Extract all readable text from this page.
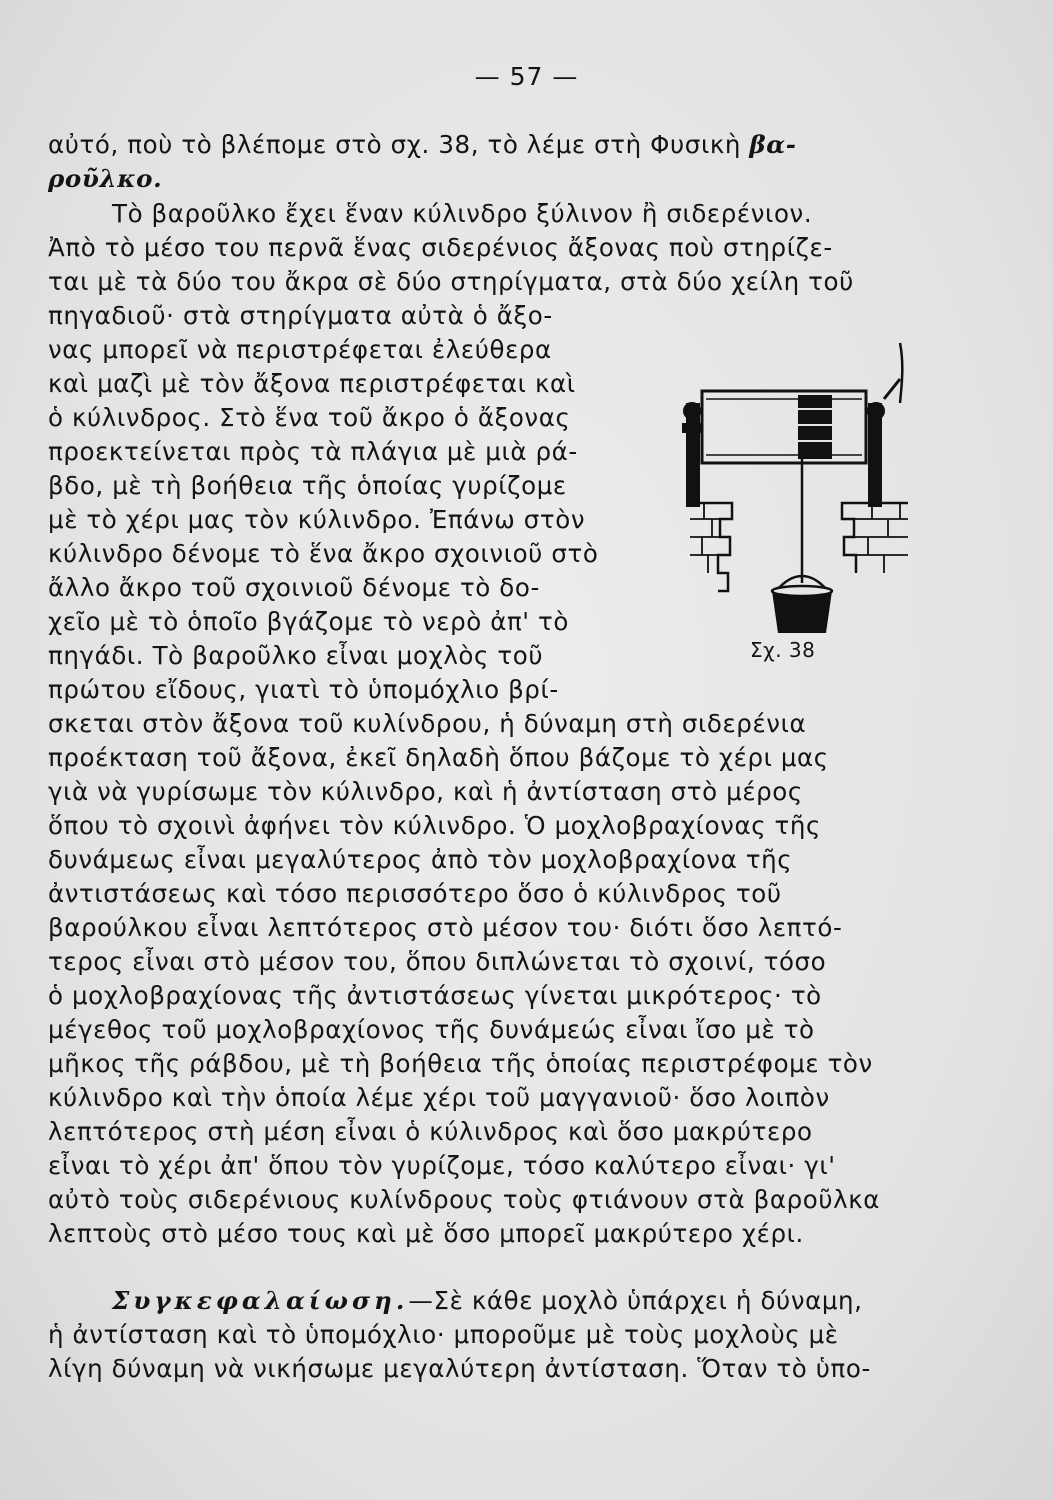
— 57 —
αὐτό, ποὺ τὸ βλέπομε στὸ σχ. 38, τὸ λέμε στὴ Φυσικὴ βα-
ροῦλκο.
Τὸ βαροῦλκο ἔχει ἕναν κύλινδρο ξύλινον ἢ σιδερένιον.
Ἀπὸ τὸ μέσο του περνᾶ ἕνας σιδερένιος ἄξονας ποὺ στηρίζε-
ται μὲ τὰ δύο του ἄκρα σὲ δύο στηρίγματα, στὰ δύο χείλη τοῦ
πηγαδιοῦ· στὰ στηρίγματα αὐτὰ ὁ ἄξο-
νας μπορεῖ νὰ περιστρέφεται ἐλεύθερα
καὶ μαζὶ μὲ τὸν ἄξονα περιστρέφεται καὶ
ὁ κύλινδρος. Στὸ ἕνα τοῦ ἄκρο ὁ ἄξονας
προεκτείνεται πρὸς τὰ πλάγια μὲ μιὰ ρά-
βδο, μὲ τὴ βοήθεια τῆς ὁποίας γυρίζομε
μὲ τὸ χέρι μας τὸν κύλινδρο. Ἐπάνω στὸν
κύλινδρο δένομε τὸ ἕνα ἄκρο σχοινιοῦ στὸ
ἄλλο ἄκρο τοῦ σχοινιοῦ δένομε τὸ δο-
χεῖο μὲ τὸ ὁποῖο βγάζομε τὸ νερὸ ἀπ' τὸ
πηγάδι. Τὸ βαροῦλκο εἶναι μοχλὸς τοῦ
πρώτου εἴδους, γιατὶ τὸ ὑπομόχλιο βρί-
σκεται στὸν ἄξονα τοῦ κυλίνδρου, ἡ δύναμη στὴ σιδερένια
προέκταση τοῦ ἄξονα, ἐκεῖ δηλαδὴ ὅπου βάζομε τὸ χέρι μας
γιὰ νὰ γυρίσωμε τὸν κύλινδρο, καὶ ἡ ἀντίσταση στὸ μέρος
ὅπου τὸ σχοινὶ ἀφήνει τὸν κύλινδρο. Ὁ μοχλοβραχίονας τῆς
δυνάμεως εἶναι μεγαλύτερος ἀπὸ τὸν μοχλοβραχίονα τῆς
ἀντιστάσεως καὶ τόσο περισσότερο ὅσο ὁ κύλινδρος τοῦ
βαρούλκου εἶναι λεπτότερος στὸ μέσον του· διότι ὅσο λεπτό-
τερος εἶναι στὸ μέσον του, ὅπου διπλώνεται τὸ σχοινί, τόσο
ὁ μοχλοβραχίονας τῆς ἀντιστάσεως γίνεται μικρότερος· τὸ
μέγεθος τοῦ μοχλοβραχίονος τῆς δυνάμεώς εἶναι ἴσο μὲ τὸ
μῆκος τῆς ράβδου, μὲ τὴ βοήθεια τῆς ὁποίας περιστρέφομε τὸν
κύλινδρο καὶ τὴν ὁποία λέμε χέρι τοῦ μαγγανιοῦ· ὅσο λοιπὸν
λεπτότερος στὴ μέση εἶναι ὁ κύλινδρος καὶ ὅσο μακρύτερο
εἶναι τὸ χέρι ἀπ' ὅπου τὸν γυρίζομε, τόσο καλύτερο εἶναι· γι'
αὐτὸ τοὺς σιδερένιους κυλίνδρους τοὺς φτιάνουν στὰ βαροῦλκα
λεπτοὺς στὸ μέσο τους καὶ μὲ ὅσο μπορεῖ μακρύτερο χέρι.
Συγκεφαλαίωση.—Σὲ κάθε μοχλὸ ὑπάρχει ἡ δύναμη,
ἡ ἀντίσταση καὶ τὸ ὑπομόχλιο· μποροῦμε μὲ τοὺς μοχλοὺς μὲ
λίγη δύναμη νὰ νικήσωμε μεγαλύτερη ἀντίσταση. Ὅταν τὸ ὑπο-
Σχ. 38
